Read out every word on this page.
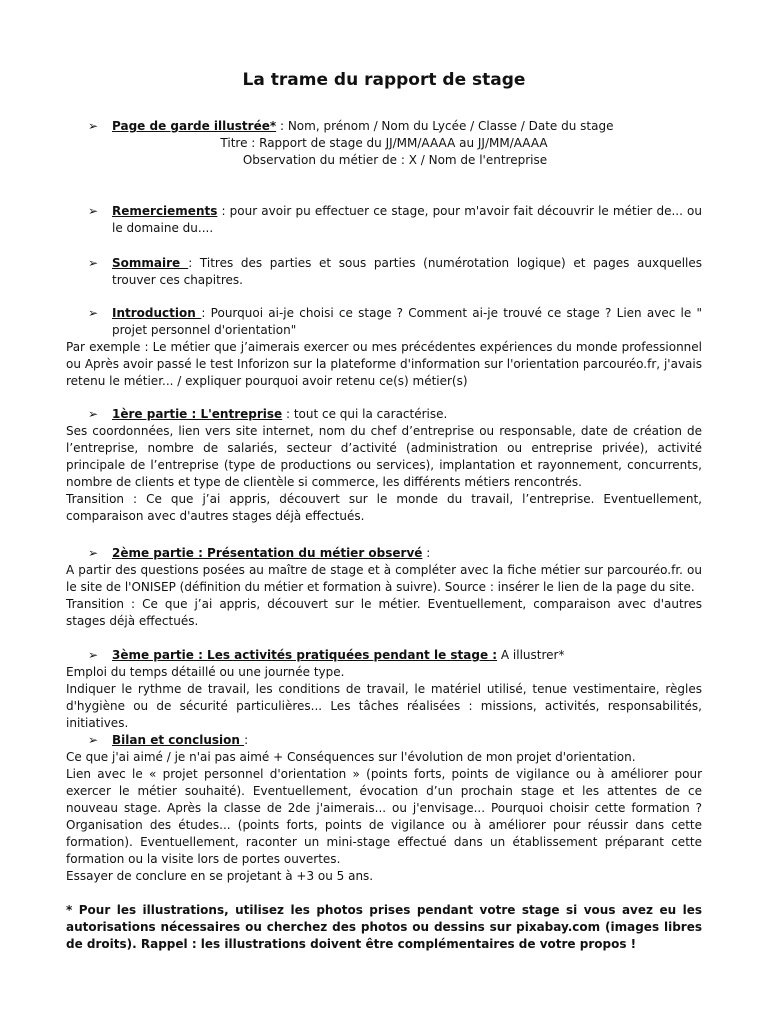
La trame du rapport de stage
➢ Page de garde illustrée* : Nom, prénom / Nom du Lycée / Classe / Date du stage
Titre : Rapport de stage du JJ/MM/AAAA au JJ/MM/AAAA
Observation du métier de : X / Nom de l'entreprise
➢ Remerciements : pour avoir pu effectuer ce stage, pour m'avoir fait découvrir le métier de... ou le domaine du....
➢ Sommaire : Titres des parties et sous parties (numérotation logique) et pages auxquelles trouver ces chapitres.
➢ Introduction : Pourquoi ai-je choisi ce stage ? Comment ai-je trouvé ce stage ? Lien avec le " projet personnel d'orientation"
Par exemple : Le métier que j’aimerais exercer ou mes précédentes expériences du monde professionnel ou Après avoir passé le test Inforizon sur la plateforme d'information sur l'orientation parcouréo.fr, j'avais retenu le métier... / expliquer pourquoi avoir retenu ce(s) métier(s)
➢ 1ère partie : L'entreprise : tout ce qui la caractérise.
Ses coordonnées, lien vers site internet, nom du chef d’entreprise ou responsable, date de création de l’entreprise, nombre de salariés, secteur d’activité (administration ou entreprise privée), activité principale de l’entreprise (type de productions ou services), implantation et rayonnement, concurrents, nombre de clients et type de clientèle si commerce, les différents métiers rencontrés.
Transition : Ce que j’ai appris, découvert sur le monde du travail, l’entreprise. Eventuellement, comparaison avec d'autres stages déjà effectués.
➢ 2ème partie : Présentation du métier observé :
A partir des questions posées au maître de stage et à compléter avec la fiche métier sur parcouréo.fr. ou le site de l'ONISEP (définition du métier et formation à suivre). Source : insérer le lien de la page du site.
Transition : Ce que j’ai appris, découvert sur le métier. Eventuellement, comparaison avec d'autres stages déjà effectués.
➢ 3ème partie : Les activités pratiquées pendant le stage : A illustrer*
Emploi du temps détaillé ou une journée type.
Indiquer le rythme de travail, les conditions de travail, le matériel utilisé, tenue vestimentaire, règles d'hygiène ou de sécurité particulières... Les tâches réalisées : missions, activités, responsabilités, initiatives.
➢ Bilan et conclusion :
Ce que j'ai aimé / je n'ai pas aimé + Conséquences sur l'évolution de mon projet d'orientation.
Lien avec le « projet personnel d'orientation » (points forts, points de vigilance ou à améliorer pour exercer le métier souhaité). Eventuellement, évocation d’un prochain stage et les attentes de ce nouveau stage. Après la classe de 2de j'aimerais... ou j'envisage... Pourquoi choisir cette formation ? Organisation des études... (points forts, points de vigilance ou à améliorer pour réussir dans cette formation). Eventuellement, raconter un mini-stage effectué dans un établissement préparant cette formation ou la visite lors de portes ouvertes.
Essayer de conclure en se projetant à +3 ou 5 ans.
* Pour les illustrations, utilisez les photos prises pendant votre stage si vous avez eu les autorisations nécessaires ou cherchez des photos ou dessins sur pixabay.com (images libres de droits). Rappel : les illustrations doivent être complémentaires de votre propos !
